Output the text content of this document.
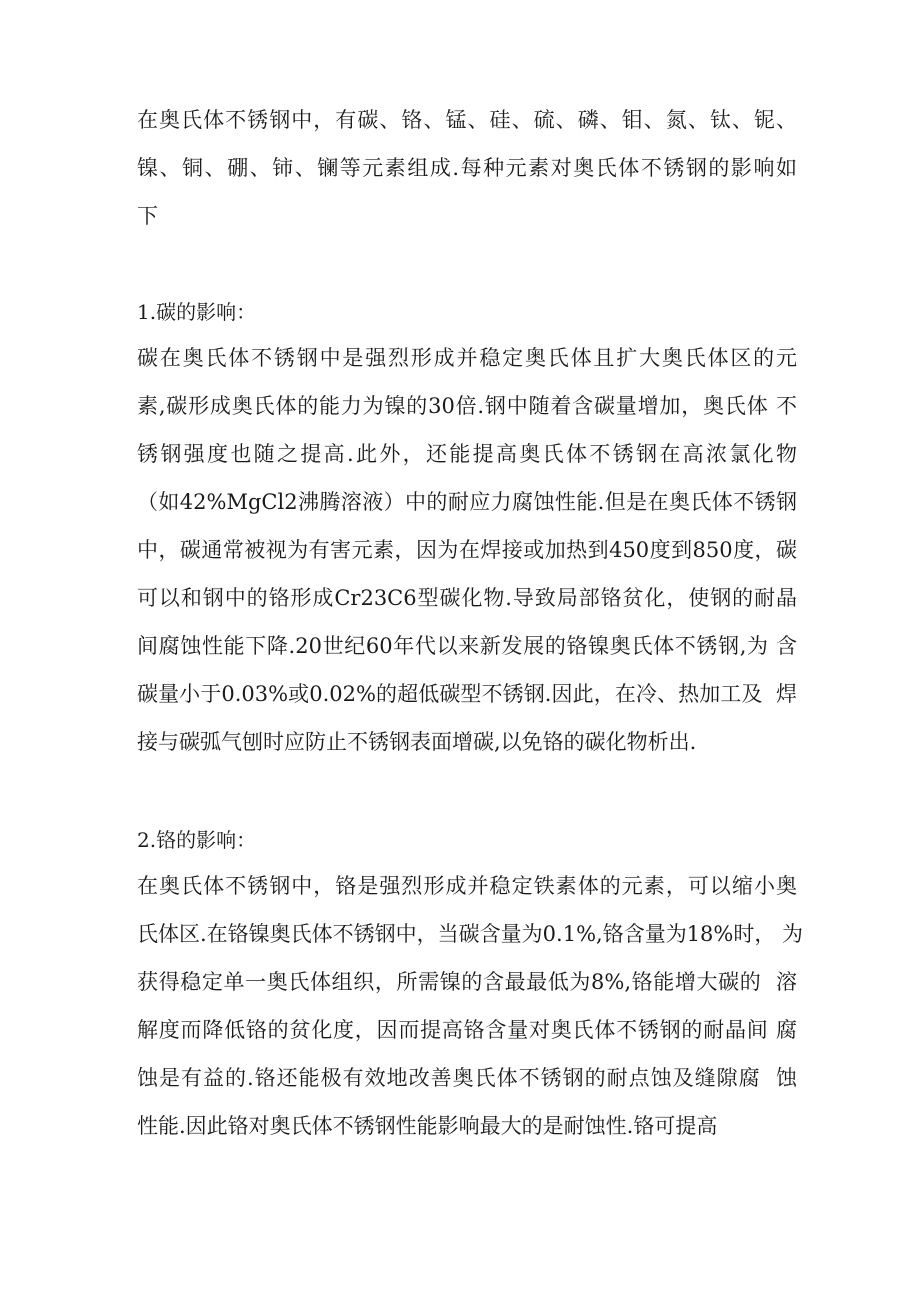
在奥氏体不锈钢中，有碳、铬、锰、硅、硫、磷、钼、氮、钛、铌、
镍、铜、硼、铈、镧等元素组成.每种元素对奥氏体不锈钢的影响如
下
1.碳的影响：
碳在奥氏体不锈钢中是强烈形成并稳定奥氏体且扩大奥氏体区的元
素,碳形成奥氏体的能力为镍的30倍.钢中随着含碳量增加，奥氏体 不
锈钢强度也随之提高.此外，还能提高奥氏体不锈钢在高浓氯化物
（如42%MgCl2沸腾溶液）中的耐应力腐蚀性能.但是在奥氏体不锈钢
中，碳通常被视为有害元素，因为在焊接或加热到450度到850度，碳
可以和钢中的铬形成Cr23C6型碳化物.导致局部铬贫化，使钢的耐晶
间腐蚀性能下降.20世纪60年代以来新发展的铬镍奥氏体不锈钢,为 含
碳量小于0.03%或0.02%的超低碳型不锈钢.因此，在冷、热加工及  焊
接与碳弧气刨时应防止不锈钢表面增碳,以免铬的碳化物析出.
2.铬的影响：
在奥氏体不锈钢中，铬是强烈形成并稳定铁素体的元素，可以缩小奥
氏体区.在铬镍奥氏体不锈钢中，当碳含量为0.1%,铬含量为18%时， 为
获得稳定单一奥氏体组织，所需镍的含最最低为8%,铬能增大碳的  溶
解度而降低铬的贫化度，因而提高铬含量对奥氏体不锈钢的耐晶间 腐
蚀是有益的.铬还能极有效地改善奥氏体不锈钢的耐点蚀及缝隙腐  蚀
性能.因此铬对奥氏体不锈钢性能影响最大的是耐蚀性.铬可提高
